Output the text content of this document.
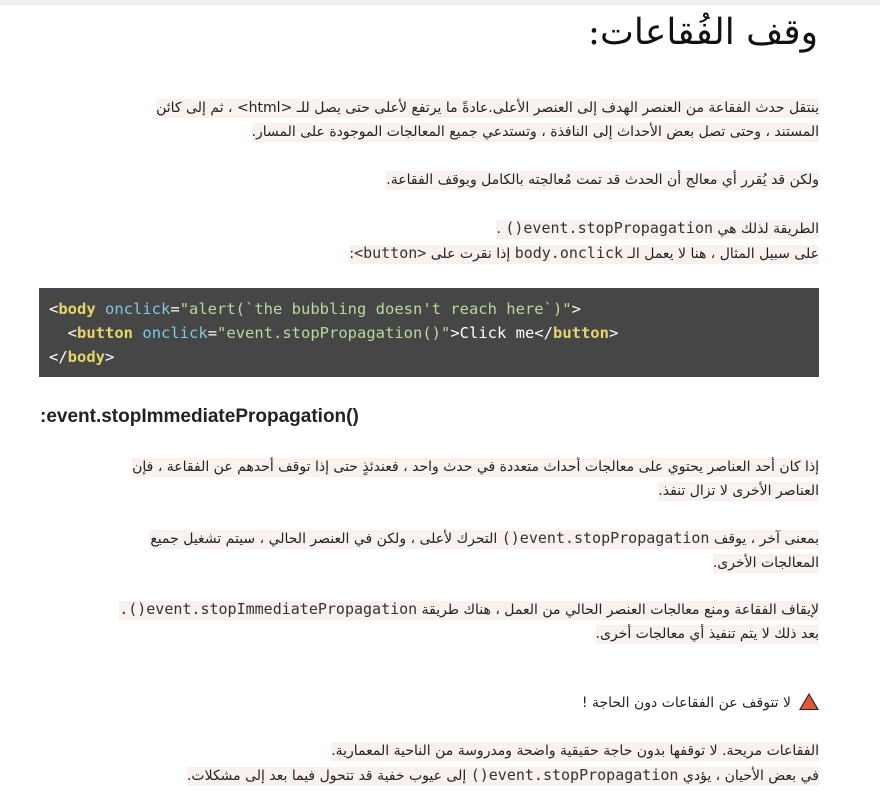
وقف الفُقاعات:
ينتقل حدث الفقاعة من العنصر الهدف إلى العنصر الأعلى.عادةً ما يرتفع لأعلى حتى يصل للـ ‎<html>‎ ، ثم إلى كائن
المستند ، وحتى تصل بعض الأحداث إلى النافذة ، وتستدعي جميع المعالجات الموجودة على المسار.
ولكن قد يُقرر أي معالج أن الحدث قد تمت مُعالجته بالكامل ويوقف الفقاعة.
الطريقة لذلك هي event.stopPropagation() .
على سبيل المثال ، هنا لا يعمل الـ body.onclick إذا نقرت على <button>:
<body onclick="alert(`the bubbling doesn't reach here`)">
<button onclick="event.stopPropagation()">Click me</button>
</body>
:event.stopImmediatePropagation()
إذا كان أحد العناصر يحتوي على معالجات أحداث متعددة في حدث واحد ، فعندئذٍ حتى إذا توقف أحدهم عن الفقاعة ، فإن
العناصر الأخرى لا تزال تنفذ.
بمعنى آخر ، يوقف event.stopPropagation() التحرك لأعلى ، ولكن في العنصر الحالي ، سيتم تشغيل جميع
المعالجات الأخرى.
لإيقاف الفقاعة ومنع معالجات العنصر الحالي من العمل ، هناك طريقة event.stopImmediatePropagation().
بعد ذلك لا يتم تنفيذ أي معالجات أخرى.
لا تتوقف عن الفقاعات دون الحاجة !
الفقاعات مريحة. لا توقفها بدون حاجة حقيقية واضحة ومدروسة من الناحية المعمارية.
في بعض الأحيان ، يؤدي event.stopPropagation() إلى عيوب خفية قد تتحول فيما بعد إلى مشكلات.
